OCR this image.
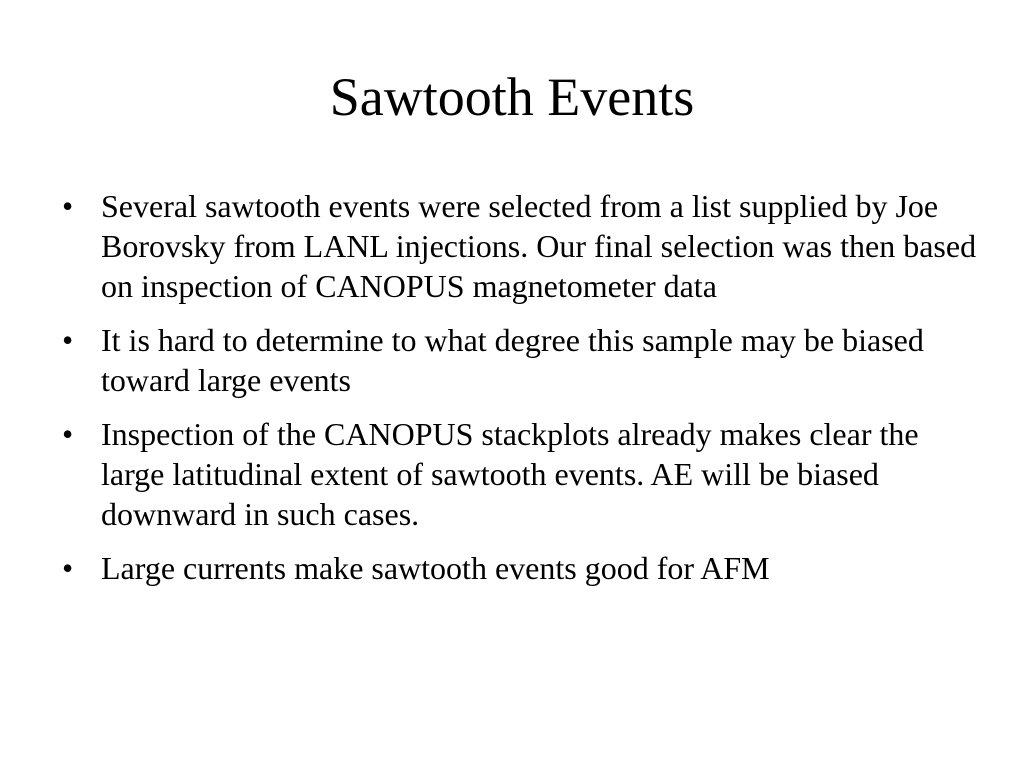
Sawtooth Events
• Several sawtooth events were selected from a list supplied by Joe Borovsky from LANL injections. Our final selection was then based on inspection of CANOPUS magnetometer data
• It is hard to determine to what degree this sample may be biased toward large events
• Inspection of the CANOPUS stackplots already makes clear the large latitudinal extent of sawtooth events. AE will be biased downward in such cases.
• Large currents make sawtooth events good for AFM
